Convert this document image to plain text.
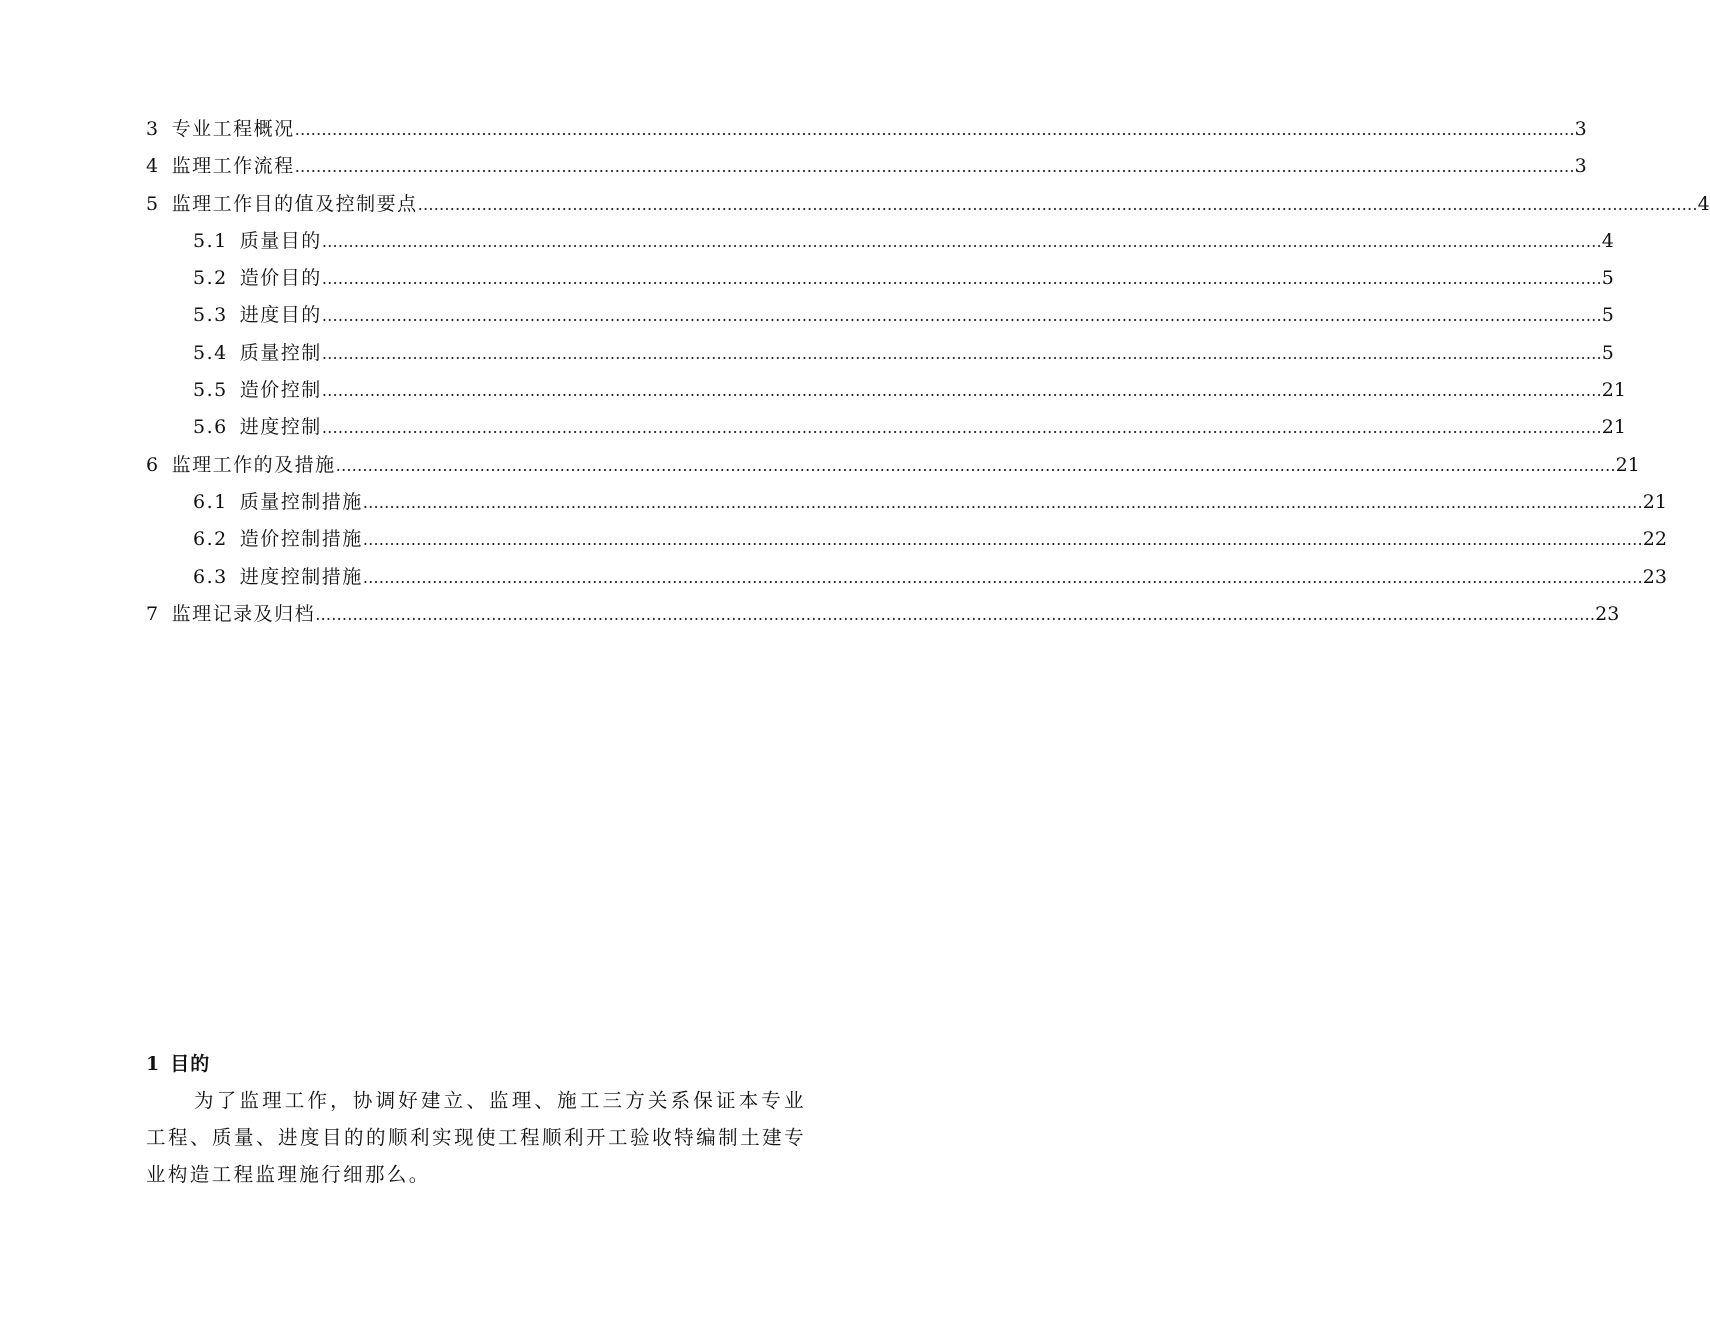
3 专业工程概况 …………………………………………………………………………………………………………………………………………………………………………………………………………………… 3
4 监理工作流程 …………………………………………………………………………………………………………………………………………………………………………………………………………………… 3
5 监理工作目的值及控制要点 …………………………………………………………………………………………………………………………………………………………………………………………………………………… 4
5.1 质量目的 …………………………………………………………………………………………………………………………………………………………………………………………………………………… 4
5.2 造价目的 …………………………………………………………………………………………………………………………………………………………………………………………………………………… 5
5.3 进度目的 …………………………………………………………………………………………………………………………………………………………………………………………………………………… 5
5.4 质量控制 …………………………………………………………………………………………………………………………………………………………………………………………………………………… 5
5.5 造价控制 …………………………………………………………………………………………………………………………………………………………………………………………………………………… 21
5.6 进度控制 …………………………………………………………………………………………………………………………………………………………………………………………………………………… 21
6 监理工作的及措施 …………………………………………………………………………………………………………………………………………………………………………………………………………………… 21
6.1 质量控制措施 …………………………………………………………………………………………………………………………………………………………………………………………………………………… 21
6.2 造价控制措施 …………………………………………………………………………………………………………………………………………………………………………………………………………………… 22
6.3 进度控制措施 …………………………………………………………………………………………………………………………………………………………………………………………………………………… 23
7 监理记录及归档 …………………………………………………………………………………………………………………………………………………………………………………………………………………… 23
1 目的

为了监理工作，协调好建立、监理、施工三方关系保证本专业工程、质量、进度目的的顺利实现使工程顺利开工验收特编制土建专业构造工程监理施行细那么。
